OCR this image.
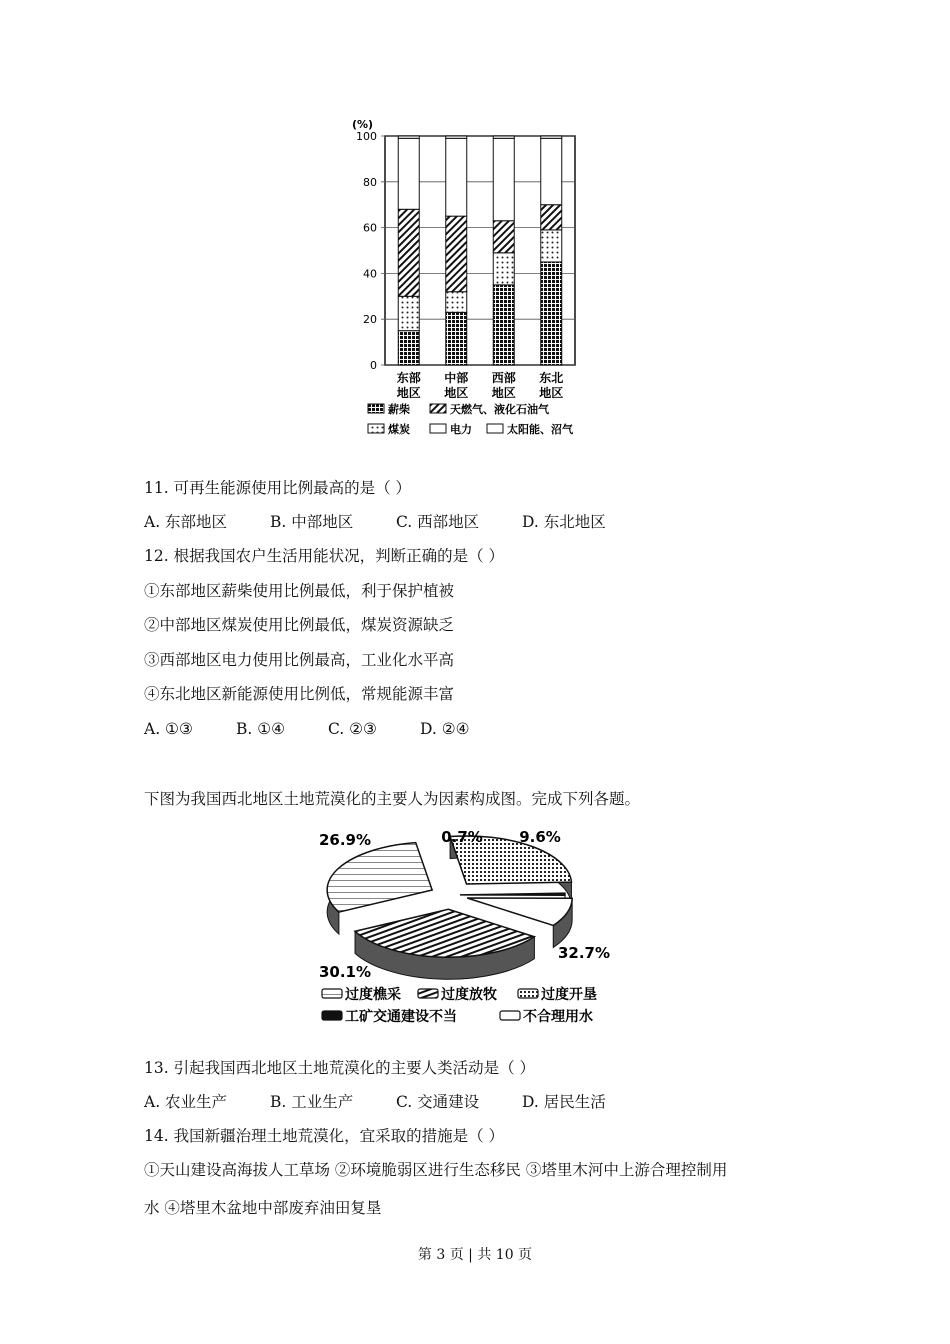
(%)
0
20
40
60
80
100
东部
地区
中部
地区
西部
地区
东北
地区
薪柴	天燃气、液化石油气
煤炭	电力	太阳能、沼气
11. 可再生能源使用比例最高的是（ ）
A. 东部地区	B. 中部地区	C. 西部地区	D. 东北地区
12. 根据我国农户生活用能状况，判断正确的是（ ）
①东部地区薪柴使用比例最低，利于保护植被
②中部地区煤炭使用比例最低，煤炭资源缺乏
③西部地区电力使用比例最高，工业化水平高
④东北地区新能源使用比例低，常规能源丰富
A. ①③	B. ①④	C. ②③	D. ②④
下图为我国西北地区土地荒漠化的主要人为因素构成图。完成下列各题。
26.9%	0.7% 9.6%
32.7%
30.1%
过度樵采	过度放牧	过度开垦
工矿交通建设不当	不合理用水
13. 引起我国西北地区土地荒漠化的主要人类活动是（ ）
A. 农业生产	B. 工业生产	C. 交通建设	D. 居民生活
14. 我国新疆治理土地荒漠化，宜采取的措施是（ ）
①天山建设高海拔人工草场 ②环境脆弱区进行生态移民 ③塔里木河中上游合理控制用
水 ④塔里木盆地中部废弃油田复垦
第 3 页 | 共 10 页
